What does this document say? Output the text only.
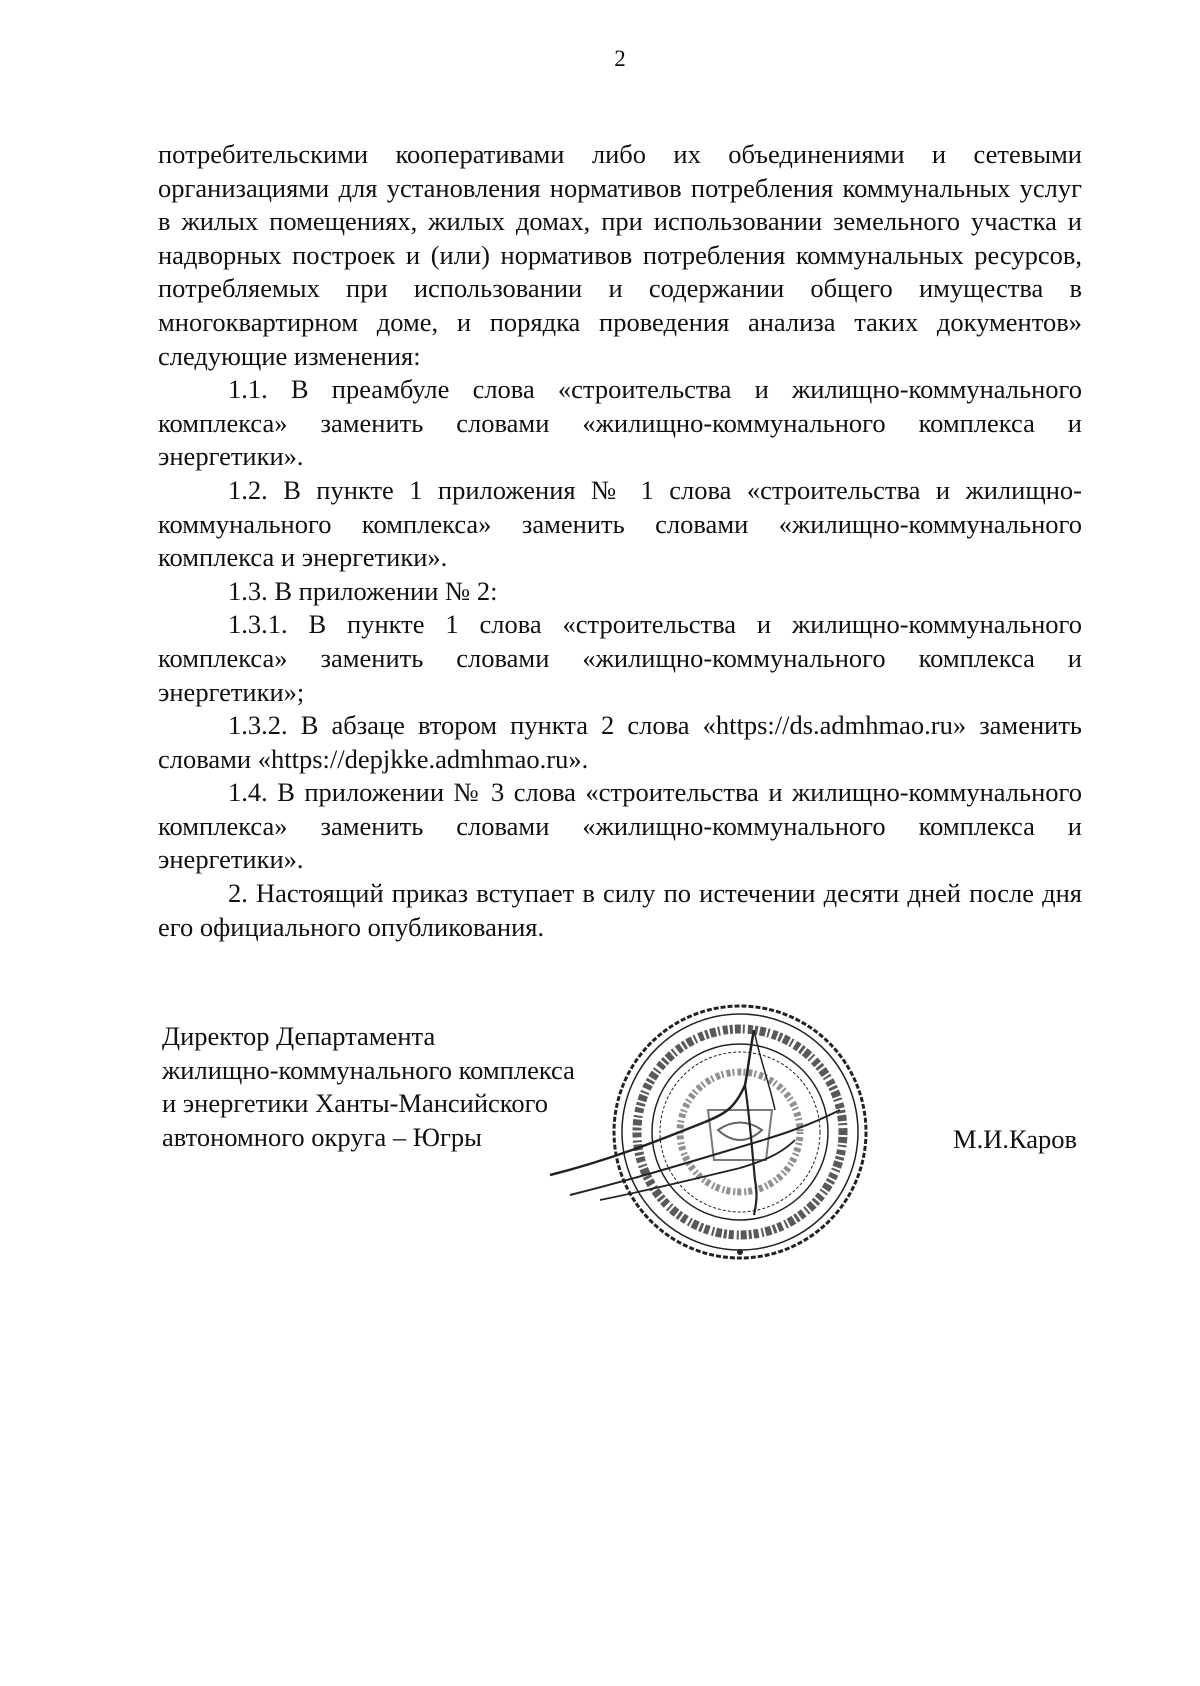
2

потребительскими кооперативами либо их объединениями и сетевыми организациями для установления нормативов потребления коммунальных услуг в жилых помещениях, жилых домах, при использовании земельного участка и надворных построек и (или) нормативов потребления коммунальных ресурсов, потребляемых при использовании и содержании общего имущества в многоквартирном доме, и порядка проведения анализа таких документов» следующие изменения:

1.1. В преамбуле слова «строительства и жилищно-коммунального комплекса» заменить словами «жилищно-коммунального комплекса и энергетики».

1.2. В пункте 1 приложения № 1 слова «строительства и жилищно-коммунального комплекса» заменить словами «жилищно-коммунального комплекса и энергетики».

1.3. В приложении № 2:

1.3.1. В пункте 1 слова «строительства и жилищно-коммунального комплекса» заменить словами «жилищно-коммунального комплекса и энергетики»;

1.3.2. В абзаце втором пункта 2 слова «https://ds.admhmao.ru» заменить словами «https://depjkke.admhmao.ru».

1.4. В приложении № 3 слова «строительства и жилищно-коммунального комплекса» заменить словами «жилищно-коммунального комплекса и энергетики».

2. Настоящий приказ вступает в силу по истечении десяти дней после дня его официального опубликования.

Директор Департамента
жилищно-коммунального комплекса
и энергетики Ханты-Мансийского
автономного округа – Югры	М.И.Каров
